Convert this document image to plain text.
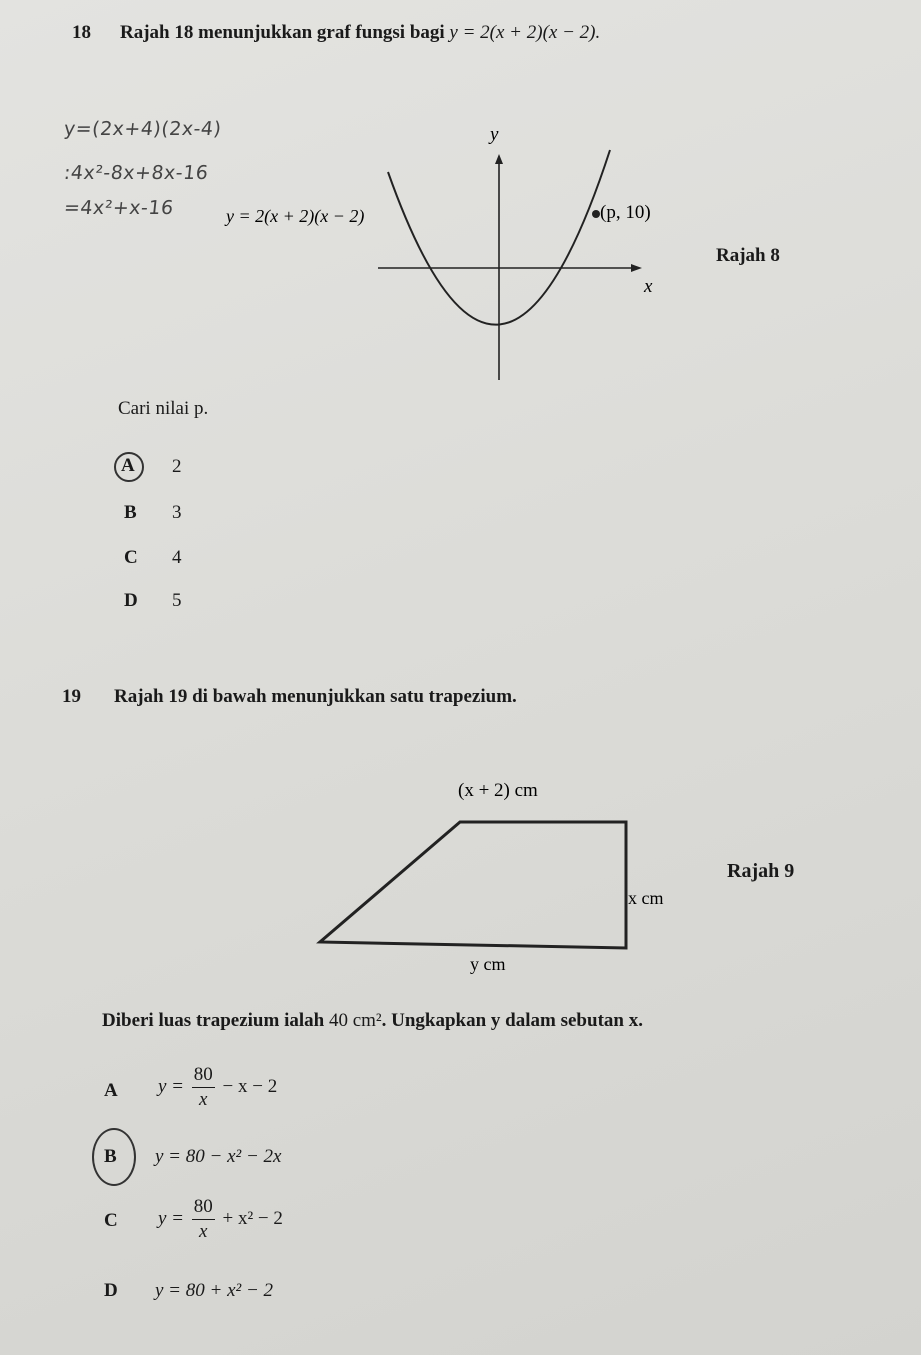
18 Rajah 18 menunjukkan graf fungsi bagi y = 2(x + 2)(x − 2).
y=(2x+4)(2x-4)
:4x²-8x+8x-16
=4x²+x-16
y
x
(p, 10)
y = 2(x + 2)(x − 2)
Rajah 8
Cari nilai p.
A 2
B 3
C 4
D 5
19 Rajah 19 di bawah menunjukkan satu trapezium.
(x + 2) cm
x cm
y cm
Rajah 9
Diberi luas trapezium ialah 40 cm². Ungkapkan y dalam sebutan x.
A $y = \frac{80}{x} - x - 2$
B y = 80 − x² − 2x
C $y = \frac{80}{x} + x^2 - 2$
D y = 80 + x² − 2
